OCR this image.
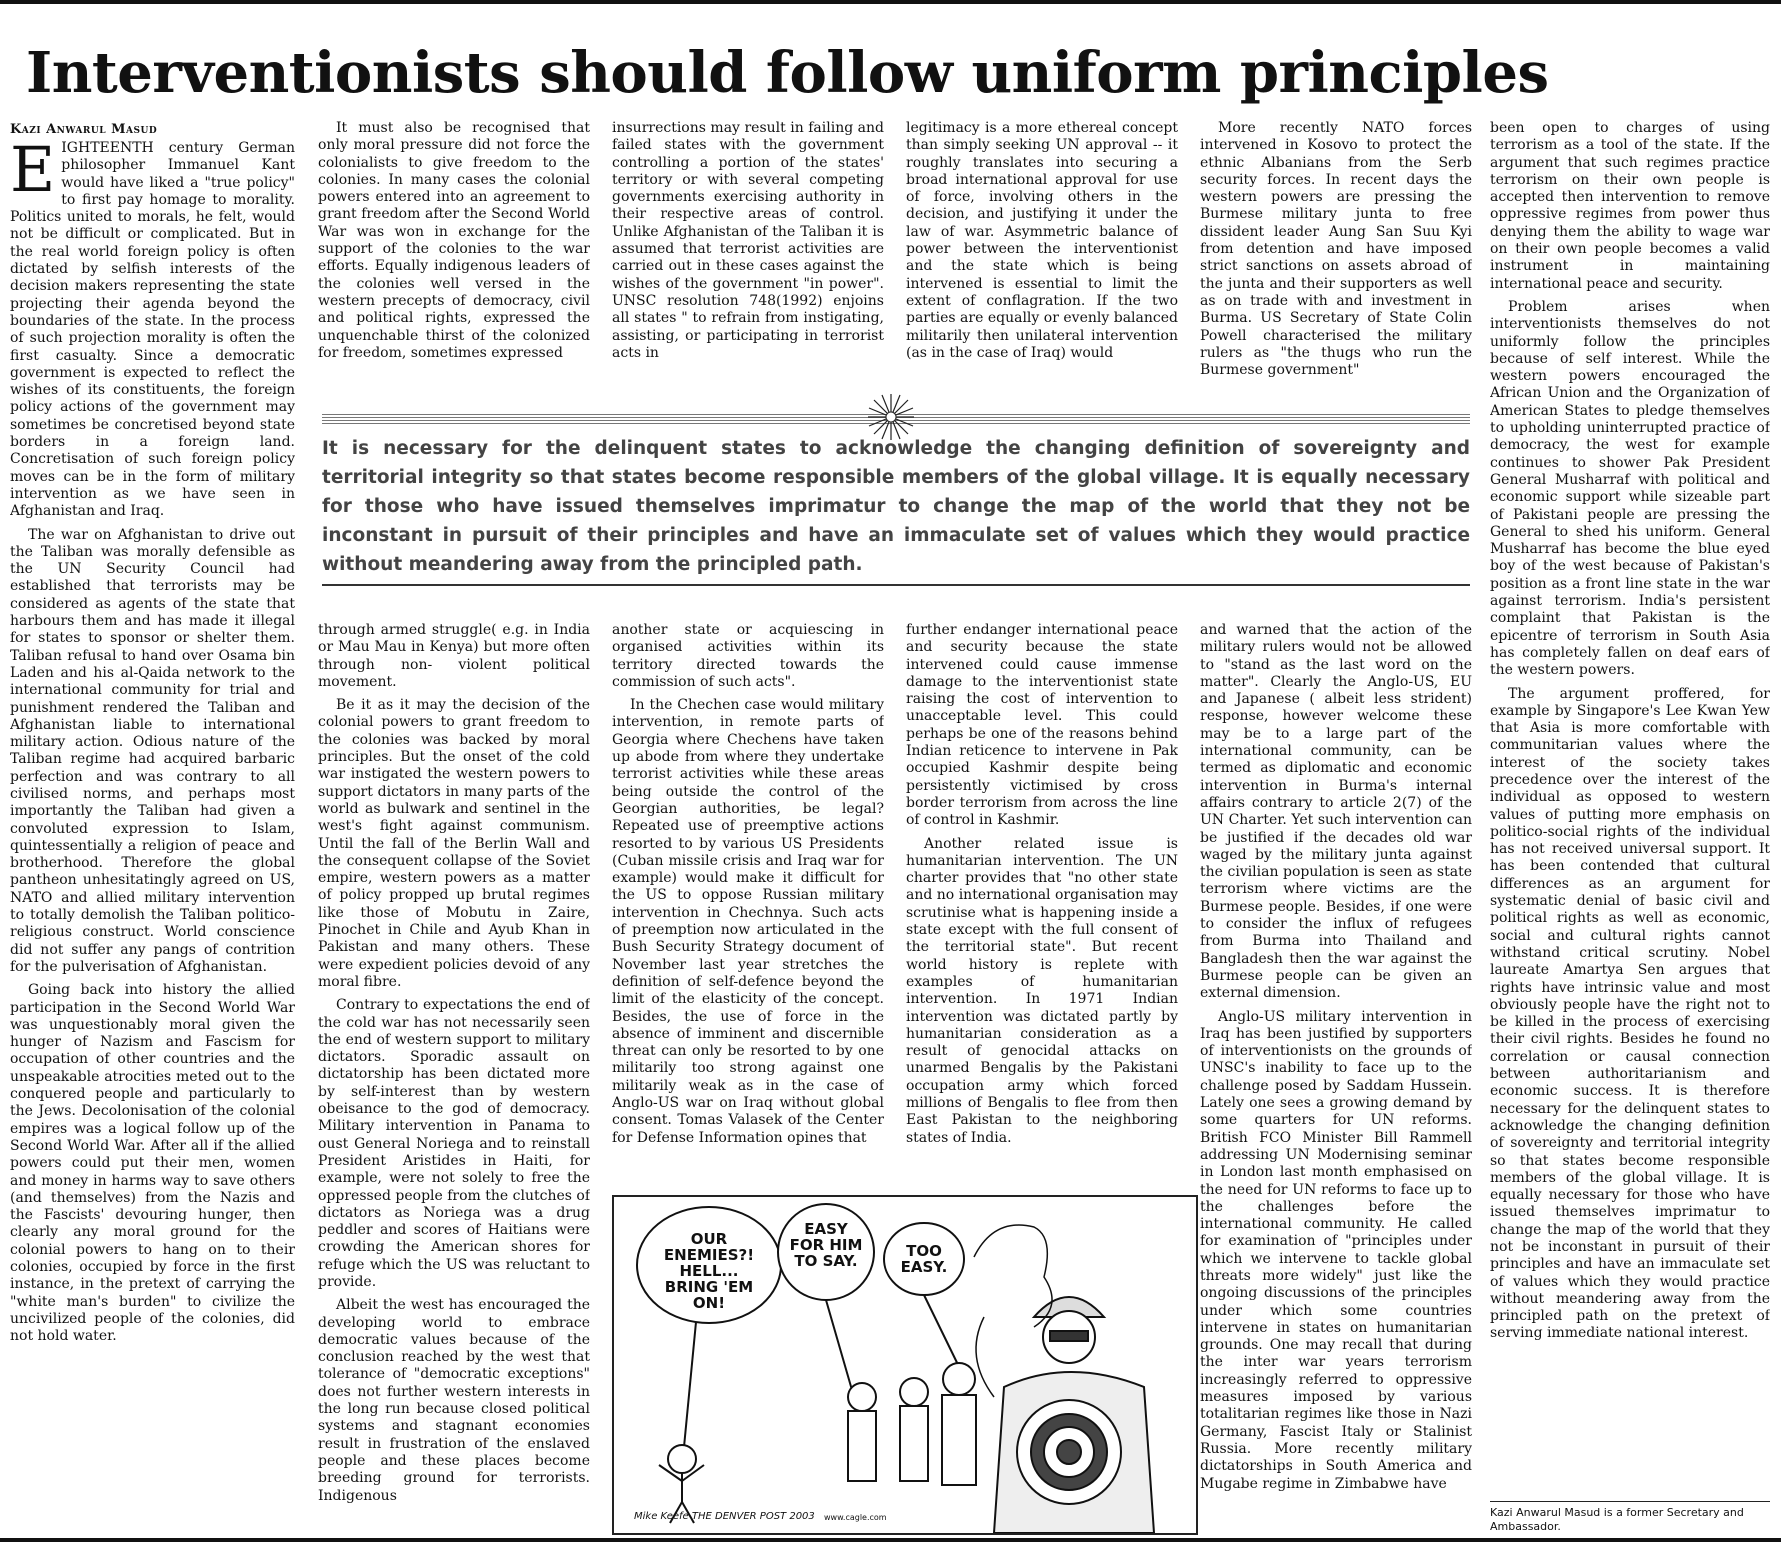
Interventionists should follow uniform principles
Kazi Anwarul Masud

EIGHTEENTH century German philosopher Immanuel Kant would have liked a "true policy" to first pay homage to morality. Politics united to morals, he felt, would not be difficult or complicated. But in the real world foreign policy is often dictated by selfish interests of the decision makers representing the state projecting their agenda beyond the boundaries of the state. In the process of such projection morality is often the first casualty. Since a democratic government is expected to reflect the wishes of its constituents, the foreign policy actions of the government may sometimes be concretised beyond state borders in a foreign land. Concretisation of such foreign policy moves can be in the form of military intervention as we have seen in Afghanistan and Iraq.

The war on Afghanistan to drive out the Taliban was morally defensible as the UN Security Council had established that terrorists may be considered as agents of the state that harbours them and has made it illegal for states to sponsor or shelter them. Taliban refusal to hand over Osama bin Laden and his al-Qaida network to the international community for trial and punishment rendered the Taliban and Afghanistan liable to international military action. Odious nature of the Taliban regime had acquired barbaric perfection and was contrary to all civilised norms, and perhaps most importantly the Taliban had given a convoluted expression to Islam, quintessentially a religion of peace and brotherhood. Therefore the global pantheon unhesitatingly agreed on US, NATO and allied military intervention to totally demolish the Taliban politico-religious construct. World conscience did not suffer any pangs of contrition for the pulverisation of Afghanistan.

Going back into history the allied participation in the Second World War was unquestionably moral given the hunger of Nazism and Fascism for occupation of other countries and the unspeakable atrocities meted out to the conquered people and particularly to the Jews. Decolonisation of the colonial empires was a logical follow up of the Second World War. After all if the allied powers could put their men, women and money in harms way to save others (and themselves) from the Nazis and the Fascists' devouring hunger, then clearly any moral ground for the colonial powers to hang on to their colonies, occupied by force in the first instance, in the pretext of carrying the "white man's burden" to civilize the uncivilized people of the colonies, did not hold water.

It must also be recognised that only moral pressure did not force the colonialists to give freedom to the colonies. In many cases the colonial powers entered into an agreement to grant freedom after the Second World War was won in exchange for the support of the colonies to the war efforts. Equally indigenous leaders of the colonies well versed in the western precepts of democracy, civil and political rights, expressed the unquenchable thirst of the colonized for freedom, sometimes expressed

insurrections may result in failing and failed states with the government controlling a portion of the states' territory or with several competing governments exercising authority in their respective areas of control. Unlike Afghanistan of the Taliban it is assumed that terrorist activities are carried out in these cases against the wishes of the government "in power". UNSC resolution 748(1992) enjoins all states " to refrain from instigating, assisting, or participating in terrorist acts in

legitimacy is a more ethereal concept than simply seeking UN approval -- it roughly translates into securing a broad international approval for use of force, involving others in the decision, and justifying it under the law of war. Asymmetric balance of power between the interventionist and the state which is being intervened is essential to limit the extent of conflagration. If the two parties are equally or evenly balanced militarily then unilateral intervention (as in the case of Iraq) would

More recently NATO forces intervened in Kosovo to protect the ethnic Albanians from the Serb security forces. In recent days the western powers are pressing the Burmese military junta to free dissident leader Aung San Suu Kyi from detention and have imposed strict sanctions on assets abroad of the junta and their supporters as well as on trade with and investment in Burma. US Secretary of State Colin Powell characterised the military rulers as "the thugs who run the Burmese government"

It is necessary for the delinquent states to acknowledge the changing definition of sovereignty and territorial integrity so that states become responsible members of the global village. It is equally necessary for those who have issued themselves imprimatur to change the map of the world that they not be inconstant in pursuit of their principles and have an immaculate set of values which they would practice without meandering away from the principled path.

through armed struggle( e.g. in India or Mau Mau in Kenya) but more often through non- violent political movement.

Be it as it may the decision of the colonial powers to grant freedom to the colonies was backed by moral principles. But the onset of the cold war instigated the western powers to support dictators in many parts of the world as bulwark and sentinel in the west's fight against communism. Until the fall of the Berlin Wall and the consequent collapse of the Soviet empire, western powers as a matter of policy propped up brutal regimes like those of Mobutu in Zaire, Pinochet in Chile and Ayub Khan in Pakistan and many others. These were expedient policies devoid of any moral fibre.

Contrary to expectations the end of the cold war has not necessarily seen the end of western support to military dictators. Sporadic assault on dictatorship has been dictated more by self-interest than by western obeisance to the god of democracy. Military intervention in Panama to oust General Noriega and to reinstall President Aristides in Haiti, for example, were not solely to free the oppressed people from the clutches of dictators as Noriega was a drug peddler and scores of Haitians were crowding the American shores for refuge which the US was reluctant to provide.

Albeit the west has encouraged the developing world to embrace democratic values because of the conclusion reached by the west that tolerance of "democratic exceptions" does not further western interests in the long run because closed political systems and stagnant economies result in frustration of the enslaved people and these places become breeding ground for terrorists. Indigenous

another state or acquiescing in organised activities within its territory directed towards the commission of such acts".

In the Chechen case would military intervention, in remote parts of Georgia where Chechens have taken up abode from where they undertake terrorist activities while these areas being outside the control of the Georgian authorities, be legal? Repeated use of preemptive actions resorted to by various US Presidents (Cuban missile crisis and Iraq war for example) would make it difficult for the US to oppose Russian military intervention in Chechnya. Such acts of preemption now articulated in the Bush Security Strategy document of November last year stretches the definition of self-defence beyond the limit of the elasticity of the concept. Besides, the use of force in the absence of imminent and discernible threat can only be resorted to by one militarily too strong against one militarily weak as in the case of Anglo-US war on Iraq without global consent. Tomas Valasek of the Center for Defense Information opines that

further endanger international peace and security because the state intervened could cause immense damage to the interventionist state raising the cost of intervention to unacceptable level. This could perhaps be one of the reasons behind Indian reticence to intervene in Pak occupied Kashmir despite being persistently victimised by cross border terrorism from across the line of control in Kashmir.

Another related issue is humanitarian intervention. The UN charter provides that "no other state and no international organisation may scrutinise what is happening inside a state except with the full consent of the territorial state". But recent world history is replete with examples of humanitarian intervention. In 1971 Indian intervention was dictated partly by humanitarian consideration as a result of genocidal attacks on unarmed Bengalis by the Pakistani occupation army which forced millions of Bengalis to flee from then East Pakistan to the neighboring states of India.

and warned that the action of the military rulers would not be allowed to "stand as the last word on the matter". Clearly the Anglo-US, EU and Japanese ( albeit less strident) response, however welcome these may be to a large part of the international community, can be termed as diplomatic and economic intervention in Burma's internal affairs contrary to article 2(7) of the UN Charter. Yet such intervention can be justified if the decades old war waged by the military junta against the civilian population is seen as state terrorism where victims are the Burmese people. Besides, if one were to consider the influx of refugees from Burma into Thailand and Bangladesh then the war against the Burmese people can be given an external dimension.

Anglo-US military intervention in Iraq has been justified by supporters of interventionists on the grounds of UNSC's inability to face up to the challenge posed by Saddam Hussein. Lately one sees a growing demand by some quarters for UN reforms. British FCO Minister Bill Rammell addressing UN Modernising seminar in London last month emphasised on the need for UN reforms to face up to the challenges before the international community. He called for examination of "principles under which we intervene to tackle global threats more widely" just like the ongoing discussions of the principles under which some countries intervene in states on humanitarian grounds. One may recall that during the inter war years terrorism increasingly referred to oppressive measures imposed by various totalitarian regimes like those in Nazi Germany, Fascist Italy or Stalinist Russia. More recently military dictatorships in South America and Mugabe regime in Zimbabwe have

been open to charges of using terrorism as a tool of the state. If the argument that such regimes practice terrorism on their own people is accepted then intervention to remove oppressive regimes from power thus denying them the ability to wage war on their own people becomes a valid instrument in maintaining international peace and security.

Problem arises when interventionists themselves do not uniformly follow the principles because of self interest. While the western powers encouraged the African Union and the Organization of American States to pledge themselves to upholding uninterrupted practice of democracy, the west for example continues to shower Pak President General Musharraf with political and economic support while sizeable part of Pakistani people are pressing the General to shed his uniform. General Musharraf has become the blue eyed boy of the west because of Pakistan's position as a front line state in the war against terrorism. India's persistent complaint that Pakistan is the epicentre of terrorism in South Asia has completely fallen on deaf ears of the western powers.

The argument proffered, for example by Singapore's Lee Kwan Yew that Asia is more comfortable with communitarian values where the interest of the society takes precedence over the interest of the individual as opposed to western values of putting more emphasis on politico-social rights of the individual has not received universal support. It has been contended that cultural differences as an argument for systematic denial of basic civil and political rights as well as economic, social and cultural rights cannot withstand critical scrutiny. Nobel laureate Amartya Sen argues that rights have intrinsic value and most obviously people have the right not to be killed in the process of exercising their civil rights. Besides he found no correlation or causal connection between authoritarianism and economic success. It is therefore necessary for the delinquent states to acknowledge the changing definition of sovereignty and territorial integrity so that states become responsible members of the global village. It is equally necessary for those who have issued themselves imprimatur to change the map of the world that they not be inconstant in pursuit of their principles and have an immaculate set of values which they would practice without meandering away from the principled path on the pretext of serving immediate national interest.

OUR ENEMIES?! HELL... BRING 'EM ON!
EASY FOR HIM TO SAY.
TOO EASY.
Mike Keefe THE DENVER POST 2003 www.cagle.com	Kazi Anwarul Masud is a former Secretary and Ambassador.
